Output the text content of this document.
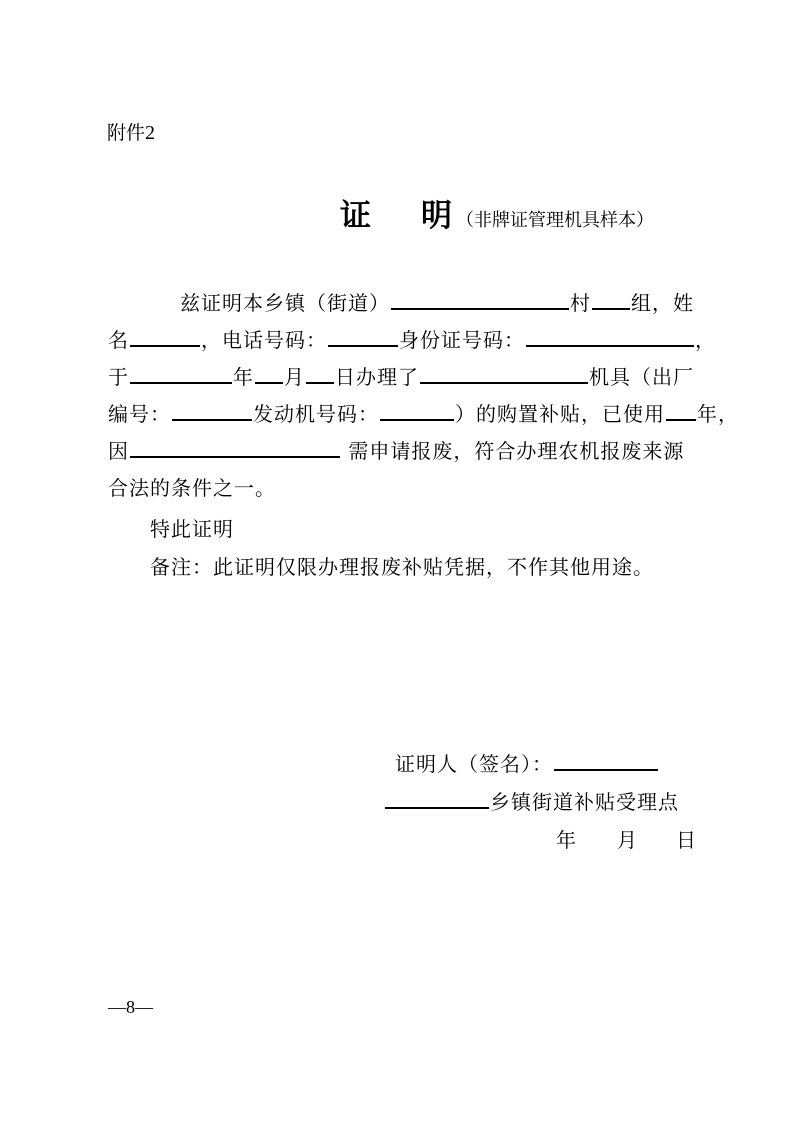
附件2
证 明 （非牌证管理机具样本）
兹证明本乡镇（街道）	村 组，姓
名	，电话号码：	身份证号码：	，
于	年 月 日办理了	机具（出厂
编号：	发动机号码：	）的购置补贴，已使用 年，
因	需申请报废，符合办理农机报废来源
合法的条件之一。
特此证明
备注：此证明仅限办理报废补贴凭据，不作其他用途。
证明人（签名）：
乡镇街道补贴受理点
年 月 日
—8—
